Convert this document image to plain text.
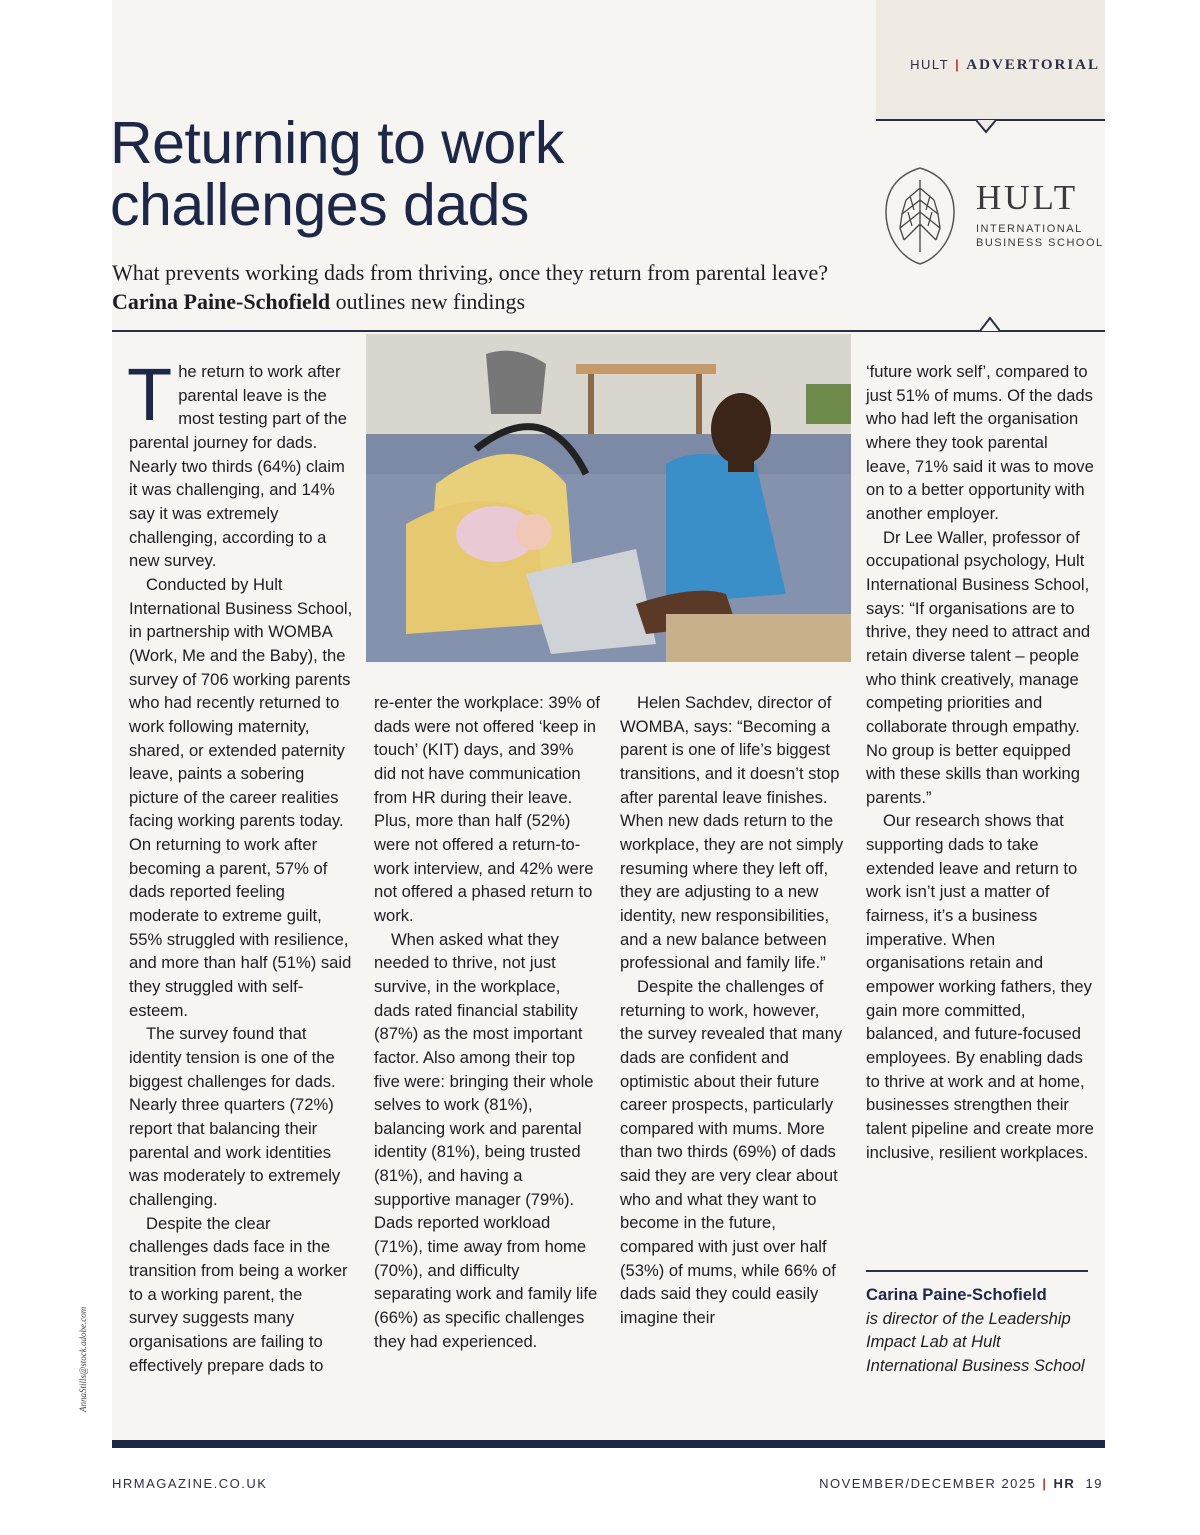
HULT | ADVERTORIAL
Returning to work
challenges dads
What prevents working dads from thriving, once they return from parental leave? Carina Paine-Schofield outlines new findings
HULT
INTERNATIONAL
BUSINESS SCHOOL

The return to work after parental leave is the most testing part of the parental journey for dads. Nearly two thirds (64%) claim it was challenging, and 14% say it was extremely challenging, according to a new survey.

Conducted by Hult International Business School, in partnership with WOMBA (Work, Me and the Baby), the survey of 706 working parents who had recently returned to work following maternity, shared, or extended paternity leave, paints a sobering picture of the career realities facing working parents today. On returning to work after becoming a parent, 57% of dads reported feeling moderate to extreme guilt, 55% struggled with resilience, and more than half (51%) said they struggled with self-esteem.

The survey found that identity tension is one of the biggest challenges for dads. Nearly three quarters (72%) report that balancing their parental and work identities was moderately to extremely challenging.

Despite the clear challenges dads face in the transition from being a worker to a working parent, the survey suggests many organisations are failing to effectively prepare dads to

re-enter the workplace: 39% of dads were not offered ‘keep in touch’ (KIT) days, and 39% did not have communication from HR during their leave. Plus, more than half (52%) were not offered a return-to-work interview, and 42% were not offered a phased return to work.

When asked what they needed to thrive, not just survive, in the workplace, dads rated financial stability (87%) as the most important factor. Also among their top five were: bringing their whole selves to work (81%), balancing work and parental identity (81%), being trusted (81%), and having a supportive manager (79%). Dads reported workload (71%), time away from home (70%), and difficulty separating work and family life (66%) as specific challenges they had experienced.

Helen Sachdev, director of WOMBA, says: “Becoming a parent is one of life’s biggest transitions, and it doesn’t stop after parental leave finishes. When new dads return to the workplace, they are not simply resuming where they left off, they are adjusting to a new identity, new responsibilities, and a new balance between professional and family life.”

Despite the challenges of returning to work, however, the survey revealed that many dads are confident and optimistic about their future career prospects, particularly compared with mums. More than two thirds (69%) of dads said they are very clear about who and what they want to become in the future, compared with just over half (53%) of mums, while 66% of dads said they could easily imagine their

‘future work self’, compared to just 51% of mums. Of the dads who had left the organisation where they took parental leave, 71% said it was to move on to a better opportunity with another employer.

Dr Lee Waller, professor of occupational psychology, Hult International Business School, says: “If organisations are to thrive, they need to attract and retain diverse talent – people who think creatively, manage competing priorities and collaborate through empathy. No group is better equipped with these skills than working parents.”

Our research shows that supporting dads to take extended leave and return to work isn’t just a matter of fairness, it’s a business imperative. When organisations retain and empower working fathers, they gain more committed, balanced, and future-focused employees. By enabling dads to thrive at work and at home, businesses strengthen their talent pipeline and create more inclusive, resilient workplaces.

Carina Paine-Schofield
is director of the Leadership Impact Lab at Hult International Business School
AnnaStills@stock.adobe.com
HRMAGAZINE.CO.UK	NOVEMBER/DECEMBER 2025 | HR 19
